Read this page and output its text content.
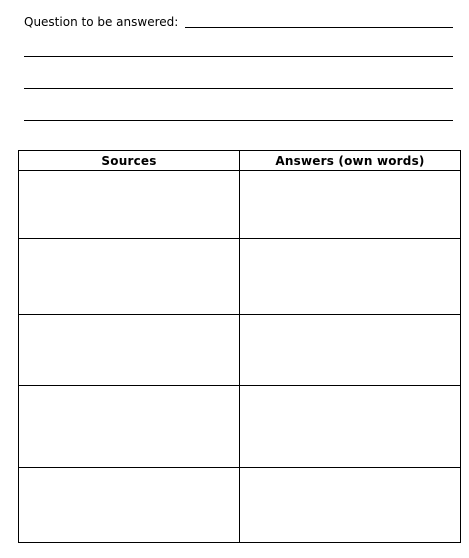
Question to be answered:
Sources	Answers (own words)
